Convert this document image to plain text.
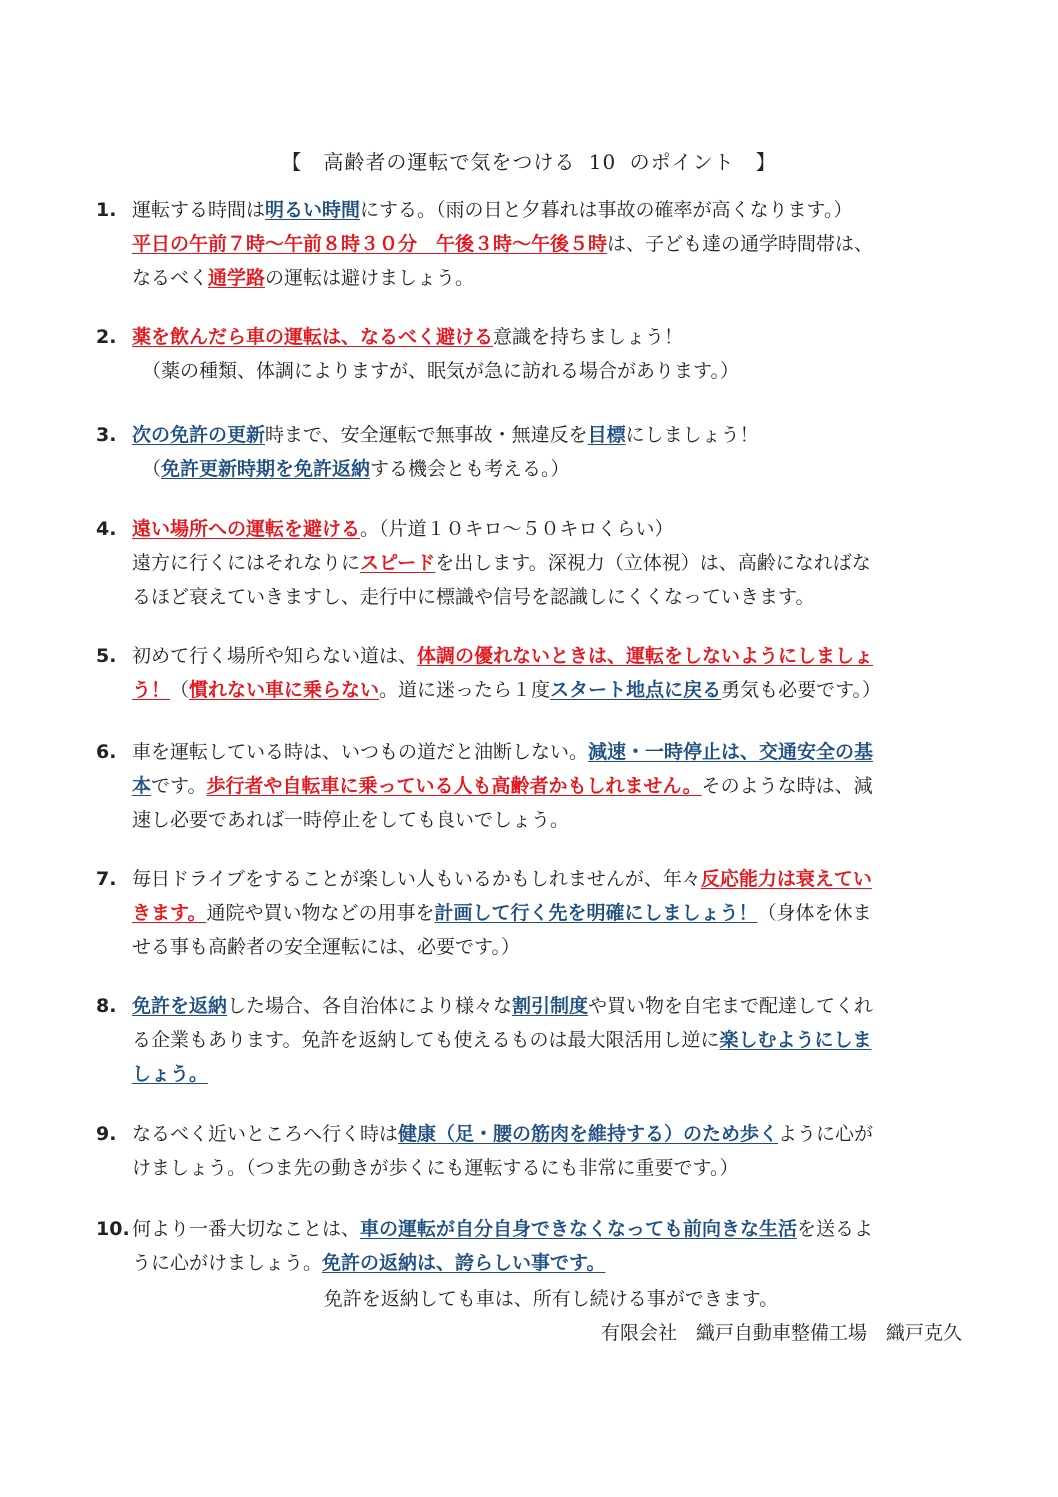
【　高齢者の運転で気をつける 10 のポイント　】
1. 運転する時間は明るい時間にする。（雨の日と夕暮れは事故の確率が高くなります。）
平日の午前７時～午前８時３０分　午後３時～午後５時は、子ども達の通学時間帯は、
なるべく通学路の運転は避けましょう。
2. 薬を飲んだら車の運転は、なるべく避ける意識を持ちましょう！
（薬の種類、体調によりますが、眠気が急に訪れる場合があります。）
3. 次の免許の更新時まで、安全運転で無事故・無違反を目標にしましょう！
（免許更新時期を免許返納する機会とも考える。）
4. 遠い場所への運転を避ける。（片道１０キロ～５０キロくらい）
遠方に行くにはそれなりにスピードを出します。深視力（立体視）は、高齢になればな
るほど衰えていきますし、走行中に標識や信号を認識しにくくなっていきます。
5. 初めて行く場所や知らない道は、体調の優れないときは、運転をしないようにしましょ
う！（慣れない車に乗らない。道に迷ったら１度スタート地点に戻る勇気も必要です。）
6. 車を運転している時は、いつもの道だと油断しない。減速・一時停止は、交通安全の基
本です。歩行者や自転車に乗っている人も高齢者かもしれません。そのような時は、減
速し必要であれば一時停止をしても良いでしょう。
7. 毎日ドライブをすることが楽しい人もいるかもしれませんが、年々反応能力は衰えてい
きます。通院や買い物などの用事を計画して行く先を明確にしましょう！（身体を休ま
せる事も高齢者の安全運転には、必要です。）
8. 免許を返納した場合、各自治体により様々な割引制度や買い物を自宅まで配達してくれ
る企業もあります。免許を返納しても使えるものは最大限活用し逆に楽しむようにしま
しょう。
9. なるべく近いところへ行く時は健康（足・腰の筋肉を維持する）のため歩くように心が
けましょう。（つま先の動きが歩くにも運転するにも非常に重要です。）
10. 何より一番大切なことは、車の運転が自分自身できなくなっても前向きな生活を送るよ
うに心がけましょう。免許の返納は、誇らしい事です。
免許を返納しても車は、所有し続ける事ができます。
有限会社　織戸自動車整備工場　織戸克久
